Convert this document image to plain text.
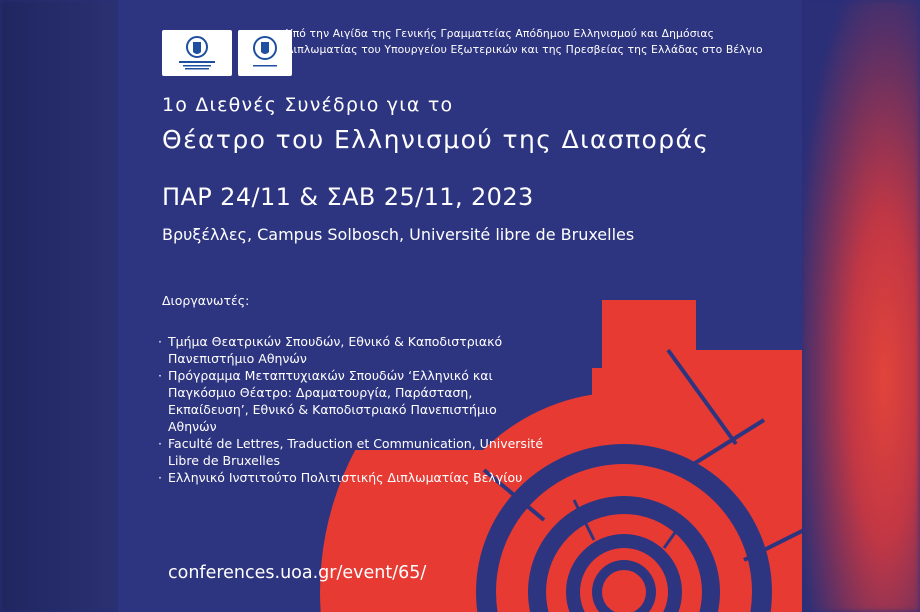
Υπό την Αιγίδα της Γενικής Γραμματείας Απόδημου Ελληνισμού και Δημόσιας Διπλωματίας του Υπουργείου Εξωτερικών και της Πρεσβείας της Ελλάδας στο Βέλγιο
1ο Διεθνές Συνέδριο για το
Θέατρο του Ελληνισμού της Διασποράς
ΠΑΡ 24/11 & ΣΑΒ 25/11, 2023
Βρυξέλλες, Campus Solbosch, Université libre de Bruxelles
Διοργανωτές:
· Τμήμα Θεατρικών Σπουδών, Εθνικό & Καποδιστριακό Πανεπιστήμιο Αθηνών
· Πρόγραμμα Μεταπτυχιακών Σπουδών ‘Ελληνικό και Παγκόσμιο Θέατρο: Δραματουργία, Παράσταση, Εκπαίδευση’, Εθνικό & Καποδιστριακό Πανεπιστήμιο Αθηνών
· Faculté de Lettres, Traduction et Communication, Université Libre de Bruxelles
· Ελληνικό Ινστιτούτο Πολιτιστικής Διπλωματίας Βελγίου
conferences.uoa.gr/event/65/
